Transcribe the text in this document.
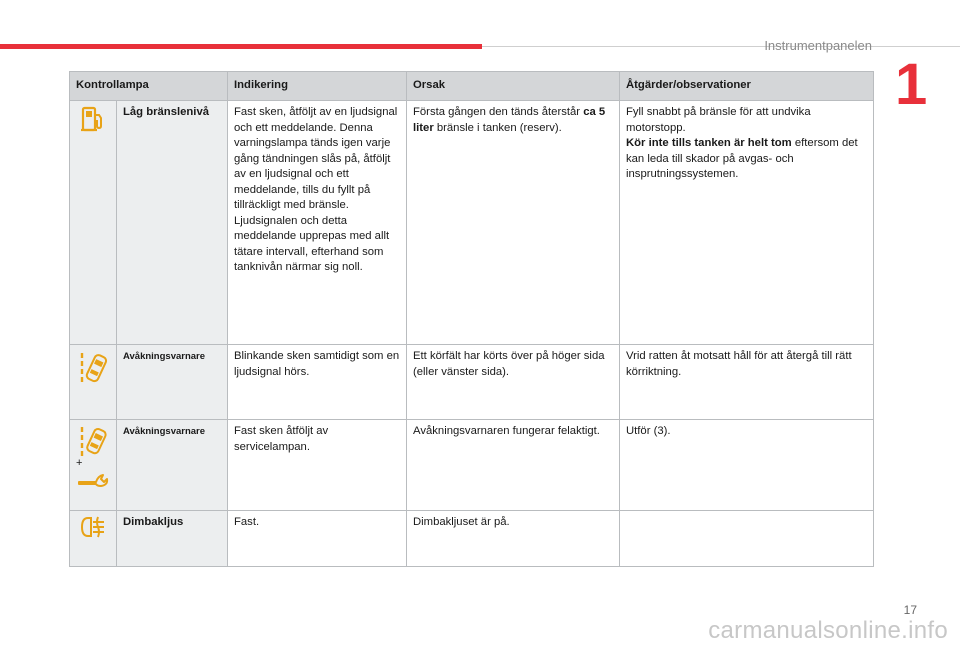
Instrumentpanelen
1
Kontrollampa		Indikering	Orsak	Åtgärder/observationer

	Låg bränslenivå	Fast sken, åtföljt av en ljudsignal och ett meddelande. Denna varningslampa tänds igen varje gång tändningen slås på, åtföljt av en ljudsignal och ett meddelande, tills du fyllt på tillräckligt med bränsle. Ljudsignalen och detta meddelande upprepas med allt tätare intervall, efterhand som tanknivån närmar sig noll.	Första gången den tänds återstår ca 5 liter bränsle i tanken (reserv).	Fyll snabbt på bränsle för att undvika motorstopp.
Kör inte tills tanken är helt tom eftersom det kan leda till skador på avgas- och insprutningssystemen.

	Avåkningsvarnare	Blinkande sken samtidigt som en ljudsignal hörs.	Ett körfält har körts över på höger sida (eller vänster sida).	Vrid ratten åt motsatt håll för att återgå till rätt körriktning.

+	Avåkningsvarnare	Fast sken åtföljt av servicelampan.	Avåkningsvarnaren fungerar felaktigt.	Utför (3).

	Dimbakljus	Fast.	Dimbakljuset är på.	
17
carmanualsonline.info
